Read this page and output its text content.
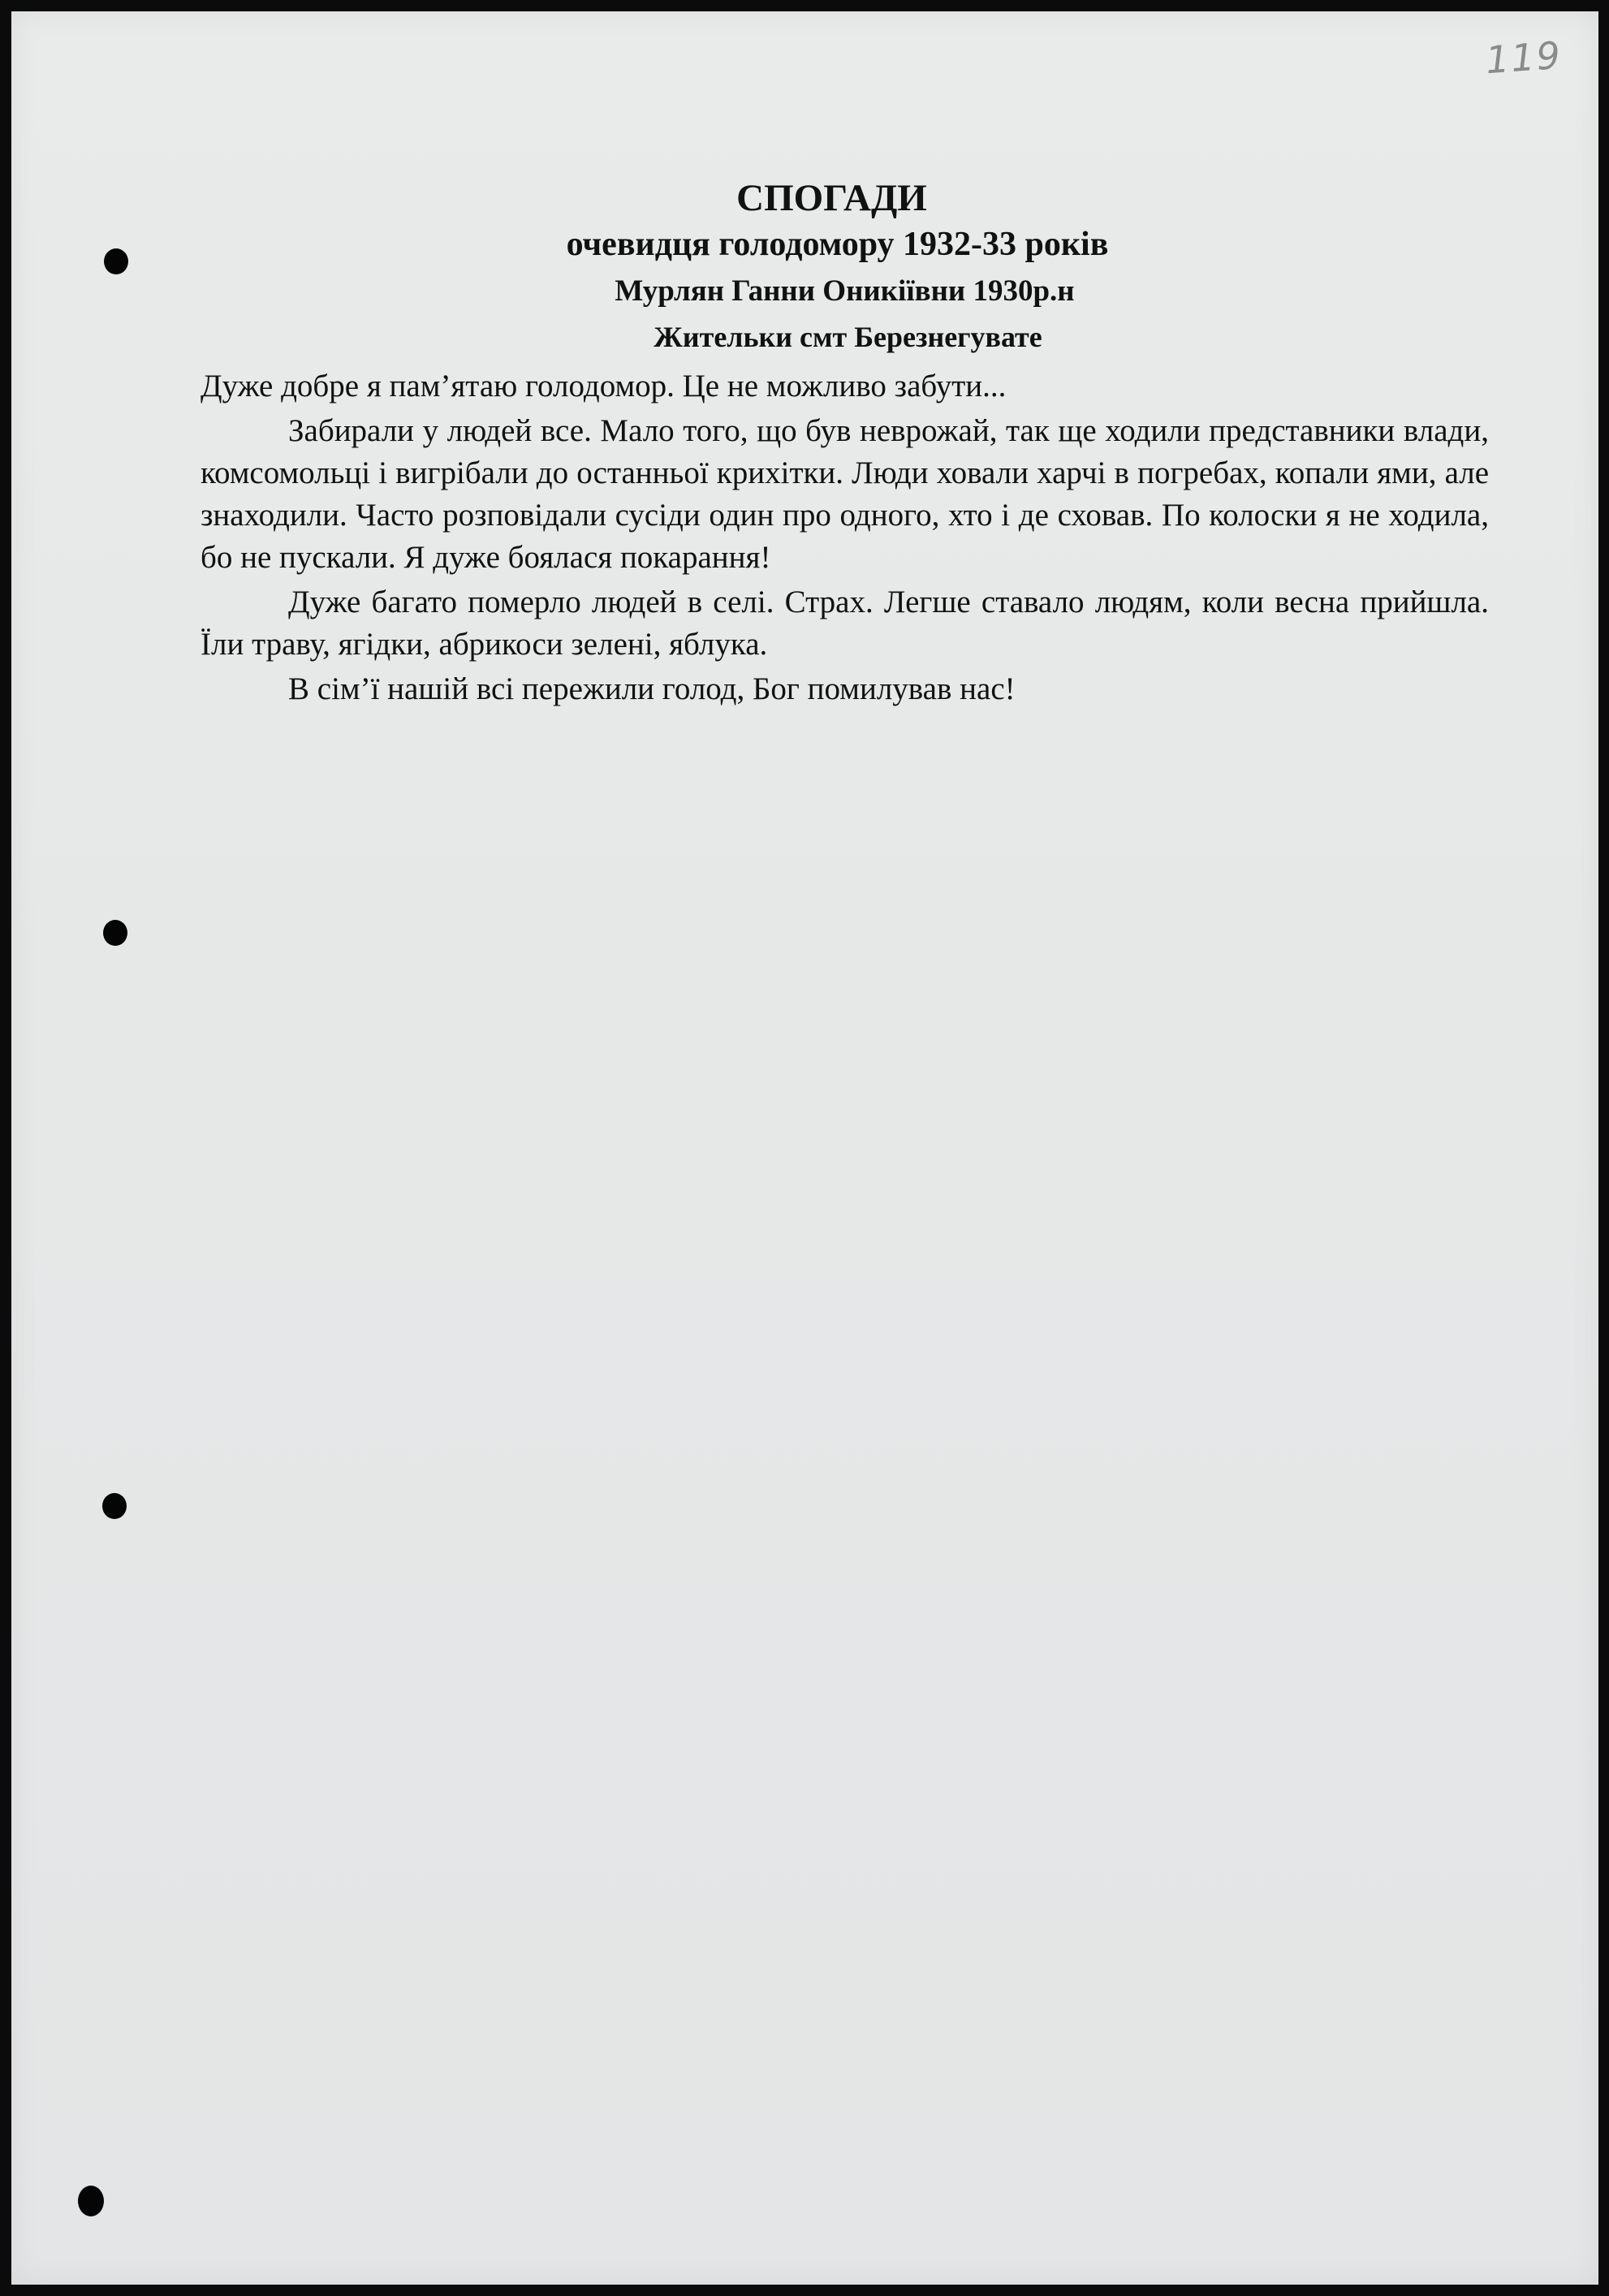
119
СПОГАДИ
очевидця голодомору 1932-33 років
Мурлян Ганни Оникіївни 1930р.н
Жительки смт Березнегувате

Дуже добре я пам’ятаю голодомор. Це не можливо забути...

Забирали у людей все. Мало того, що був неврожай, так ще ходили представники влади, комсомольці і вигрібали до останньої крихітки. Люди ховали харчі в погребах, копали ями, але знаходили. Часто розповідали сусіди один про одного, хто і де сховав. По колоски я не ходила, бо не пускали. Я дуже боялася покарання!

Дуже багато померло людей в селі. Страх. Легше ставало людям, коли весна прийшла. Їли траву, ягідки, абрикоси зелені, яблука.

В сім’ї нашій всі пережили голод, Бог помилував нас!
